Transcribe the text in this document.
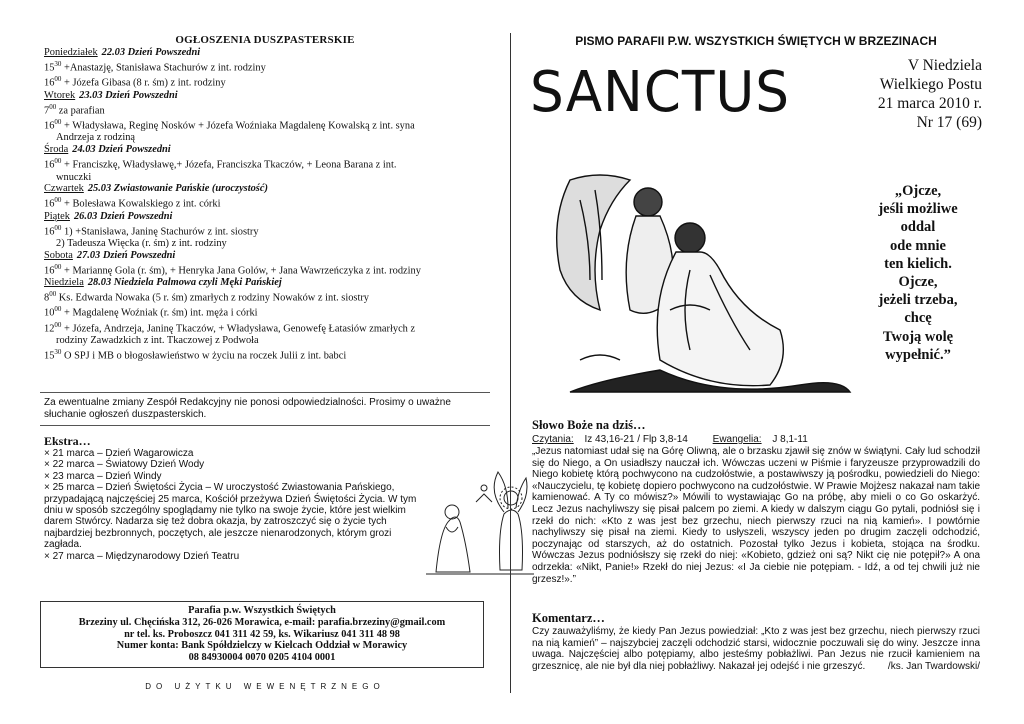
OGŁOSZENIA DUSZPASTERSKIE
Poniedziałek 22.03 Dzień Powszedni
$15^{30}$ +Anastazję, Stanisława Stachurów z int. rodziny
$16^{00}$ + Józefa Gibasa (8 r. śm) z int. rodziny
Wtorek 23.03 Dzień Powszedni
$7^{00}$ za parafian
$16^{00}$ + Władysława, Reginę Nosków + Józefa Woźniaka Magdalenę Kowalską z int. syna
Andrzeja z rodziną
Środa 24.03 Dzień Powszedni
$16^{00}$ + Franciszkę, Władysławę,+ Józefa, Franciszka Tkaczów, + Leona Barana z int.
wnuczki
Czwartek 25.03 Zwiastowanie Pańskie (uroczystość)
$16^{00}$ + Bolesława Kowalskiego z int. córki
Piątek 26.03 Dzień Powszedni
$16^{00}$ 1) +Stanisława, Janinę Stachurów z int. siostry
2) Tadeusza Więcka (r. śm) z int. rodziny
Sobota 27.03 Dzień Powszedni
$16^{00}$ + Mariannę Gola (r. śm), + Henryka Jana Golów, + Jana Wawrzeńczyka z int. rodziny
Niedziela 28.03 Niedziela Palmowa czyli Męki Pańskiej
$8^{00}$ Ks. Edwarda Nowaka (5 r. śm) zmarłych z rodziny Nowaków z int. siostry
$10^{00}$ + Magdalenę Woźniak (r. śm) int. męża i córki
$12^{00}$ + Józefa, Andrzeja, Janinę Tkaczów, + Władysława, Genowefę Łatasiów zmarłych z
rodziny Zawadzkich z int. Tkaczowej z Podwoła
$15^{30}$ O SPJ i MB o błogosławieństwo w życiu na roczek Julii z int. babci
Za ewentualne zmiany Zespół Redakcyjny nie ponosi odpowiedzialności. Prosimy o uważne słuchanie ogłoszeń duszpasterskich.
Ekstra…
× 21 marca – Dzień Wagarowicza
× 22 marca – Światowy Dzień Wody
× 23 marca – Dzień Windy
× 25 marca – Dzień Świętości Życia – W uroczystość Zwiastowania Pańskiego, przypadającą najczęściej 25 marca, Kościół przeżywa Dzień Świętości Życia. W tym dniu w sposób szczególny spoglądamy nie tylko na swoje życie, które jest wielkim darem Stwórcy. Nadarza się też dobra okazja, by zatroszczyć się o życie tych najbardziej bezbronnych, poczętych, ale jeszcze nienarodzonych, którym grozi zagłada.
× 27 marca – Międzynarodowy Dzień Teatru
Parafia p.w. Wszystkich Świętych
Brzeziny ul. Chęcińska 312, 26-026 Morawica, e-mail: parafia.brzeziny@gmail.com
nr tel. ks. Proboszcz 041 311 42 59, ks. Wikariusz 041 311 48 98
Numer konta: Bank Spółdzielczy w Kielcach Oddział w Morawicy
08 84930004 0070 0205 4104 0001
DO UŻYTKU WEWENĘTRZNEGO
PISMO PARAFII P.W. WSZYSTKICH ŚWIĘTYCH W BRZEZINACH
SANCTUS	V Niedziela
Wielkiego Postu
21 marca 2010 r.
Nr 17 (69)
„Ojcze,
jeśli możliwe
oddal
ode mnie
ten kielich.
Ojcze,
jeżeli trzeba,
chcę
Twoją wolę
wypełnić.”
Słowo Boże na dziś…
Czytania: Iz 43,16-21 / Flp 3,8-14 Ewangelia: J 8,1-11
„Jezus natomiast udał się na Górę Oliwną, ale o brzasku zjawił się znów w świątyni. Cały lud schodził się do Niego, a On usiadłszy nauczał ich. Wówczas uczeni w Piśmie i faryzeusze przyprowadzili do Niego kobietę którą pochwycono na cudzołóstwie, a postawiwszy ją pośrodku, powiedzieli do Niego: «Nauczycielu, tę kobietę dopiero pochwycono na cudzołóstwie. W Prawie Mojżesz nakazał nam takie kamienować. A Ty co mówisz?» Mówili to wystawiając Go na próbę, aby mieli o co Go oskarżyć. Lecz Jezus nachyliwszy się pisał palcem po ziemi. A kiedy w dalszym ciągu Go pytali, podniósł się i rzekł do nich: «Kto z was jest bez grzechu, niech pierwszy rzuci na nią kamień». I powtórnie nachyliwszy się pisał na ziemi. Kiedy to usłyszeli, wszyscy jeden po drugim zaczęli odchodzić, poczynając od starszych, aż do ostatnich. Pozostał tylko Jezus i kobieta, stojąca na środku. Wówczas Jezus podniósłszy się rzekł do niej: «Kobieto, gdzież oni są? Nikt cię nie potępił?» A ona odrzekła: «Nikt, Panie!» Rzekł do niej Jezus: «I Ja ciebie nie potępiam. - Idź, a od tej chwili już nie grzesz!».”
Komentarz…
Czy zauważyliśmy, że kiedy Pan Jezus powiedział: „Kto z was jest bez grzechu, niech pierwszy rzuci na nią kamień” – najszybciej zaczęli odchodzić starsi, widocznie poczuwali się do winy. Jeszcze inna uwaga. Najczęściej albo potępiamy, albo jesteśmy pobłażliwi. Pan Jezus nie rzucił kamieniem na grzesznicę, ale nie był dla niej pobłażliwy. Nakazał jej odejść i nie grzeszyć. /ks. Jan Twardowski/
